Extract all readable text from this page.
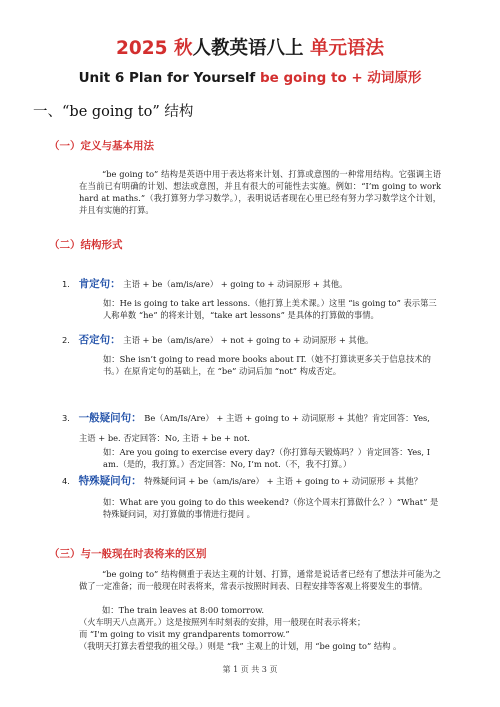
2025 秋人教英语八上 单元语法
Unit 6 Plan for Yourself be going to + 动词原形
一、“be going to” 结构
（一）定义与基本用法
“be going to” 结构是英语中用于表达将来计划、打算或意图的一种常用结构。它强调主语在当前已有明确的计划、想法或意图，并且有很大的可能性去实施。例如：“I’m going to work hard at maths.”（我打算努力学习数学。），表明说话者现在心里已经有努力学习数学这个计划，并且有实施的打算。
（二）结构形式
1. 肯定句： 主语 + be（am/is/are） + going to + 动词原形 + 其他。
如：He is going to take art lessons.（他打算上美术课。）这里 “is going to” 表示第三人称单数 “he” 的将来计划，“take art lessons” 是具体的打算做的事情。
2. 否定句： 主语 + be（am/is/are） + not + going to + 动词原形 + 其他。
如：She isn’t going to read more books about IT.（她不打算读更多关于信息技术的书。）在原肯定句的基础上，在 “be” 动词后加 “not” 构成否定。
3. 一般疑问句： Be（Am/Is/Are） + 主语 + going to + 动词原形 + 其他？肯定回答：Yes,
主语 + be. 否定回答：No, 主语 + be + not.
如：Are you going to exercise every day?（你打算每天锻炼吗？）肯定回答：Yes, I am.（是的，我打算。）否定回答：No, I’m not.（不，我不打算。）
4. 特殊疑问句： 特殊疑问词 + be（am/is/are） + 主语 + going to + 动词原形 + 其他？
如：What are you going to do this weekend?（你这个周末打算做什么？）“What” 是特殊疑问词，对打算做的事情进行提问 。
（三）与一般现在时表将来的区别
“be going to” 结构侧重于表达主观的计划、打算，通常是说话者已经有了想法并可能为之做了一定准备；而一般现在时表将来，常表示按照时间表、日程安排等客观上将要发生的事情。
如：The train leaves at 8:00 tomorrow.
（火车明天八点离开。）这是按照列车时刻表的安排，用一般现在时表示将来；
而 “I'm going to visit my grandparents tomorrow.”
（我明天打算去看望我的祖父母。）则是 “我” 主观上的计划，用 “be going to” 结构 。
第 1 页 共 3 页
